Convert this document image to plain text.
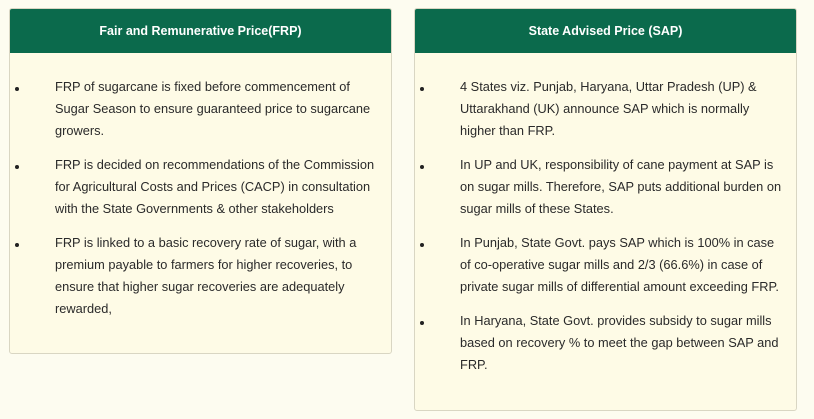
Fair and Remunerative Price(FRP)
FRP of sugarcane is fixed before commencement of Sugar Season to ensure guaranteed price to sugarcane growers.
FRP is decided on recommendations of the Commission for Agricultural Costs and Prices (CACP) in consultation with the State Governments & other stakeholders
FRP is linked to a basic recovery rate of sugar, with a premium payable to farmers for higher recoveries, to ensure that higher sugar recoveries are adequately rewarded,
State Advised Price (SAP)
4 States viz. Punjab, Haryana, Uttar Pradesh (UP) & Uttarakhand (UK) announce SAP which is normally higher than FRP.
In UP and UK, responsibility of cane payment at SAP is on sugar mills. Therefore, SAP puts additional burden on sugar mills of these States.
In Punjab, State Govt. pays SAP which is 100% in case of co-operative sugar mills and 2/3 (66.6%) in case of private sugar mills of differential amount exceeding FRP.
In Haryana, State Govt. provides subsidy to sugar mills based on recovery % to meet the gap between SAP and FRP.
